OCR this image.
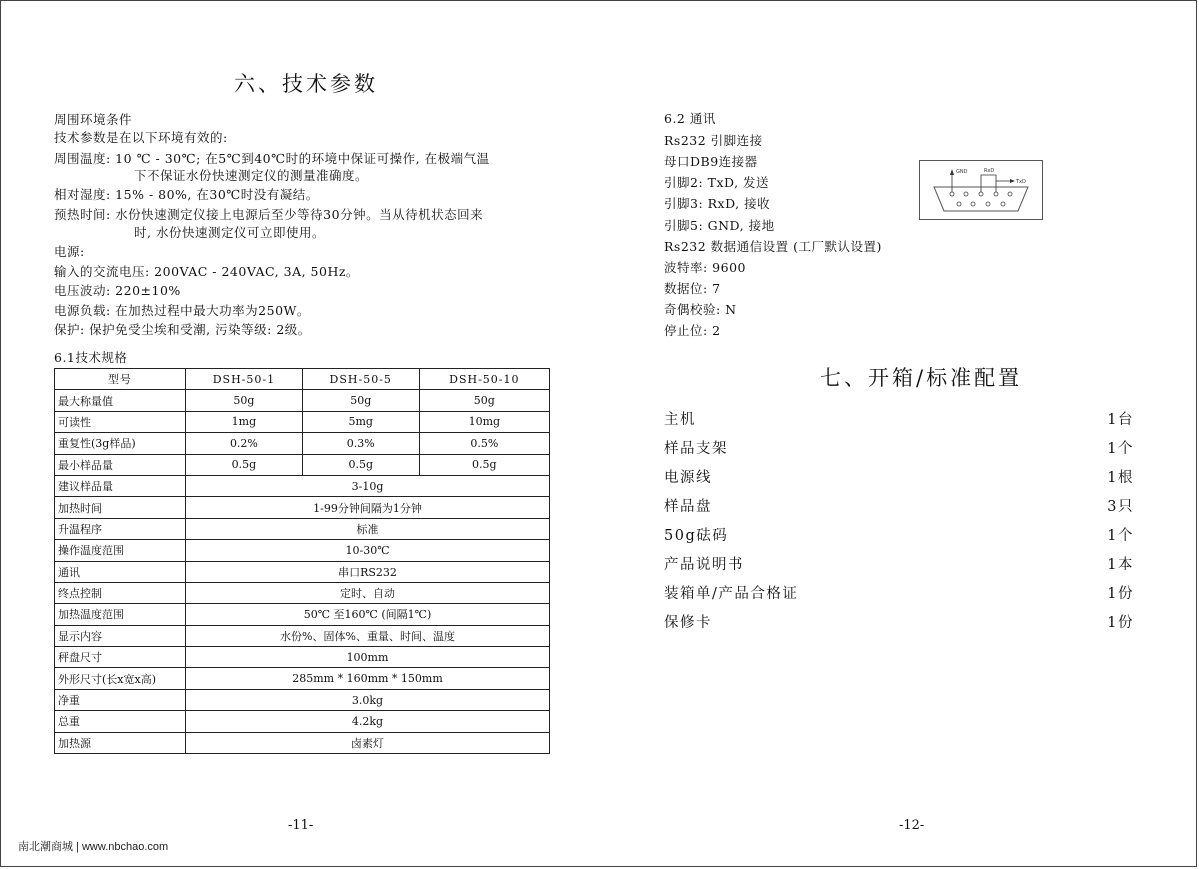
六、技术参数
周围环境条件
技术参数是在以下环境有效的:
周围温度: 10 ℃ - 30℃; 在5℃到40℃时的环境中保证可操作, 在极端气温
下不保证水份快速测定仪的测量准确度。
相对湿度: 15% - 80%, 在30℃时没有凝结。
预热时间: 水份快速测定仪接上电源后至少等待30分钟。当从待机状态回来
时, 水份快速测定仪可立即使用。
电源:
输入的交流电压: 200VAC - 240VAC, 3A, 50Hz。
电压波动: 220±10%
电源负载: 在加热过程中最大功率为250W。
保护: 保护免受尘埃和受潮, 污染等级: 2级。
6.1技术规格
型号	DSH-50-1	DSH-50-5	DSH-50-10
最大称量值	50g	50g	50g
可读性	1mg	5mg	10mg
重复性(3g样品)	0.2%	0.3%	0.5%
最小样品量	0.5g	0.5g	0.5g
建议样品量	3-10g		
加热时间	1-99分钟间隔为1分钟		
升温程序	标准		
操作温度范围	10-30℃		
通讯	串口RS232		
终点控制	定时、自动		
加热温度范围	50℃ 至160℃ (间隔1℃)		
显示内容	水份%、固体%、重量、时间、温度		
秤盘尺寸	100mm		
外形尺寸(长x宽x高)	285mm * 160mm * 150mm		
净重	3.0kg		
总重	4.2kg		
加热源	卤素灯		
-11-
6.2 通讯
Rs232 引脚连接
母口DB9连接器
引脚2: TxD, 发送
引脚3: RxD, 接收
引脚5: GND, 接地
Rs232 数据通信设置 (工厂默认设置)
波特率: 9600
数据位: 7
奇偶校验: N
停止位: 2
七、开箱/标准配置
主机	1台
样品支架	1个
电源线	1根
样品盘	3只
50g砝码	1个
产品说明书	1本
装箱单/产品合格证	1份
保修卡	1份
GND	RxD
TxD
-12-
南北潮商城 | www.nbchao.com
